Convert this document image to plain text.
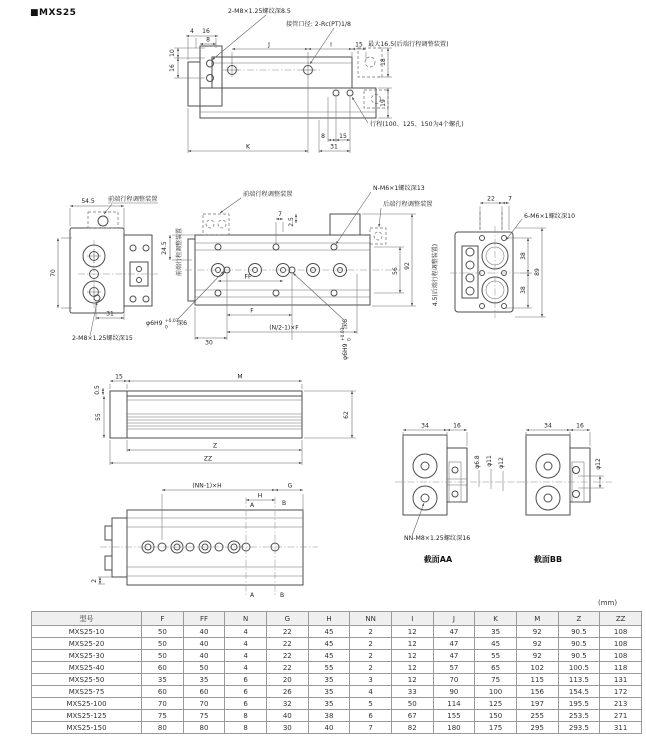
■MXS25
4 16
8
10
16
J	I	15 最大16.5(后端行程调整装置)
18
19
2-M8×1.25螺纹深8.5
接管口径: 2-Rc(PT)1/8
行程(100、125、150为4个螺孔)
8 15
31
K
54.5 前端行程调整装置
70
31
2-M8×1.25螺纹深15
7
2.5
FF
F
(N/2-1)×F
30
24.5 前端行程调整装置	56
92
前端行程调整装置
N-M6×1螺纹深13
后端行程调整装置
φ6H9 +0.03
0
深6
φ6H9
+0.03 0
深6
22 7
6-M6×1螺纹深10
38
38
89
4.5(后端行程调整装置)
0.5
15	M
55	62
Z
ZZ
(NN-1)×H	G
H
A	B
A	B
2
34	16
φ6.8 φ11 φ12
NN-M8×1.25螺纹深16
截面AA
34	16
φ12
截面BB
(mm)
型号	F	FF	N	G	H	NN	I	J	K	M	Z	ZZ
MXS25-10	50	40	4	22	45	2	12	47	35	92	90.5	108
MXS25-20	50	40	4	22	45	2	12	47	45	92	90.5	108
MXS25-30	50	40	4	22	45	2	12	47	55	92	90.5	108
MXS25-40	60	50	4	22	55	2	12	57	65	102	100.5	118
MXS25-50	35	35	6	20	35	3	12	70	75	115	113.5	131
MXS25-75	60	60	6	26	35	4	33	90	100	156	154.5	172
MXS25-100	70	70	6	32	35	5	50	114	125	197	195.5	213
MXS25-125	75	75	8	40	38	6	67	155	150	255	253.5	271
MXS25-150	80	80	8	30	40	7	82	180	175	295	293.5	311
